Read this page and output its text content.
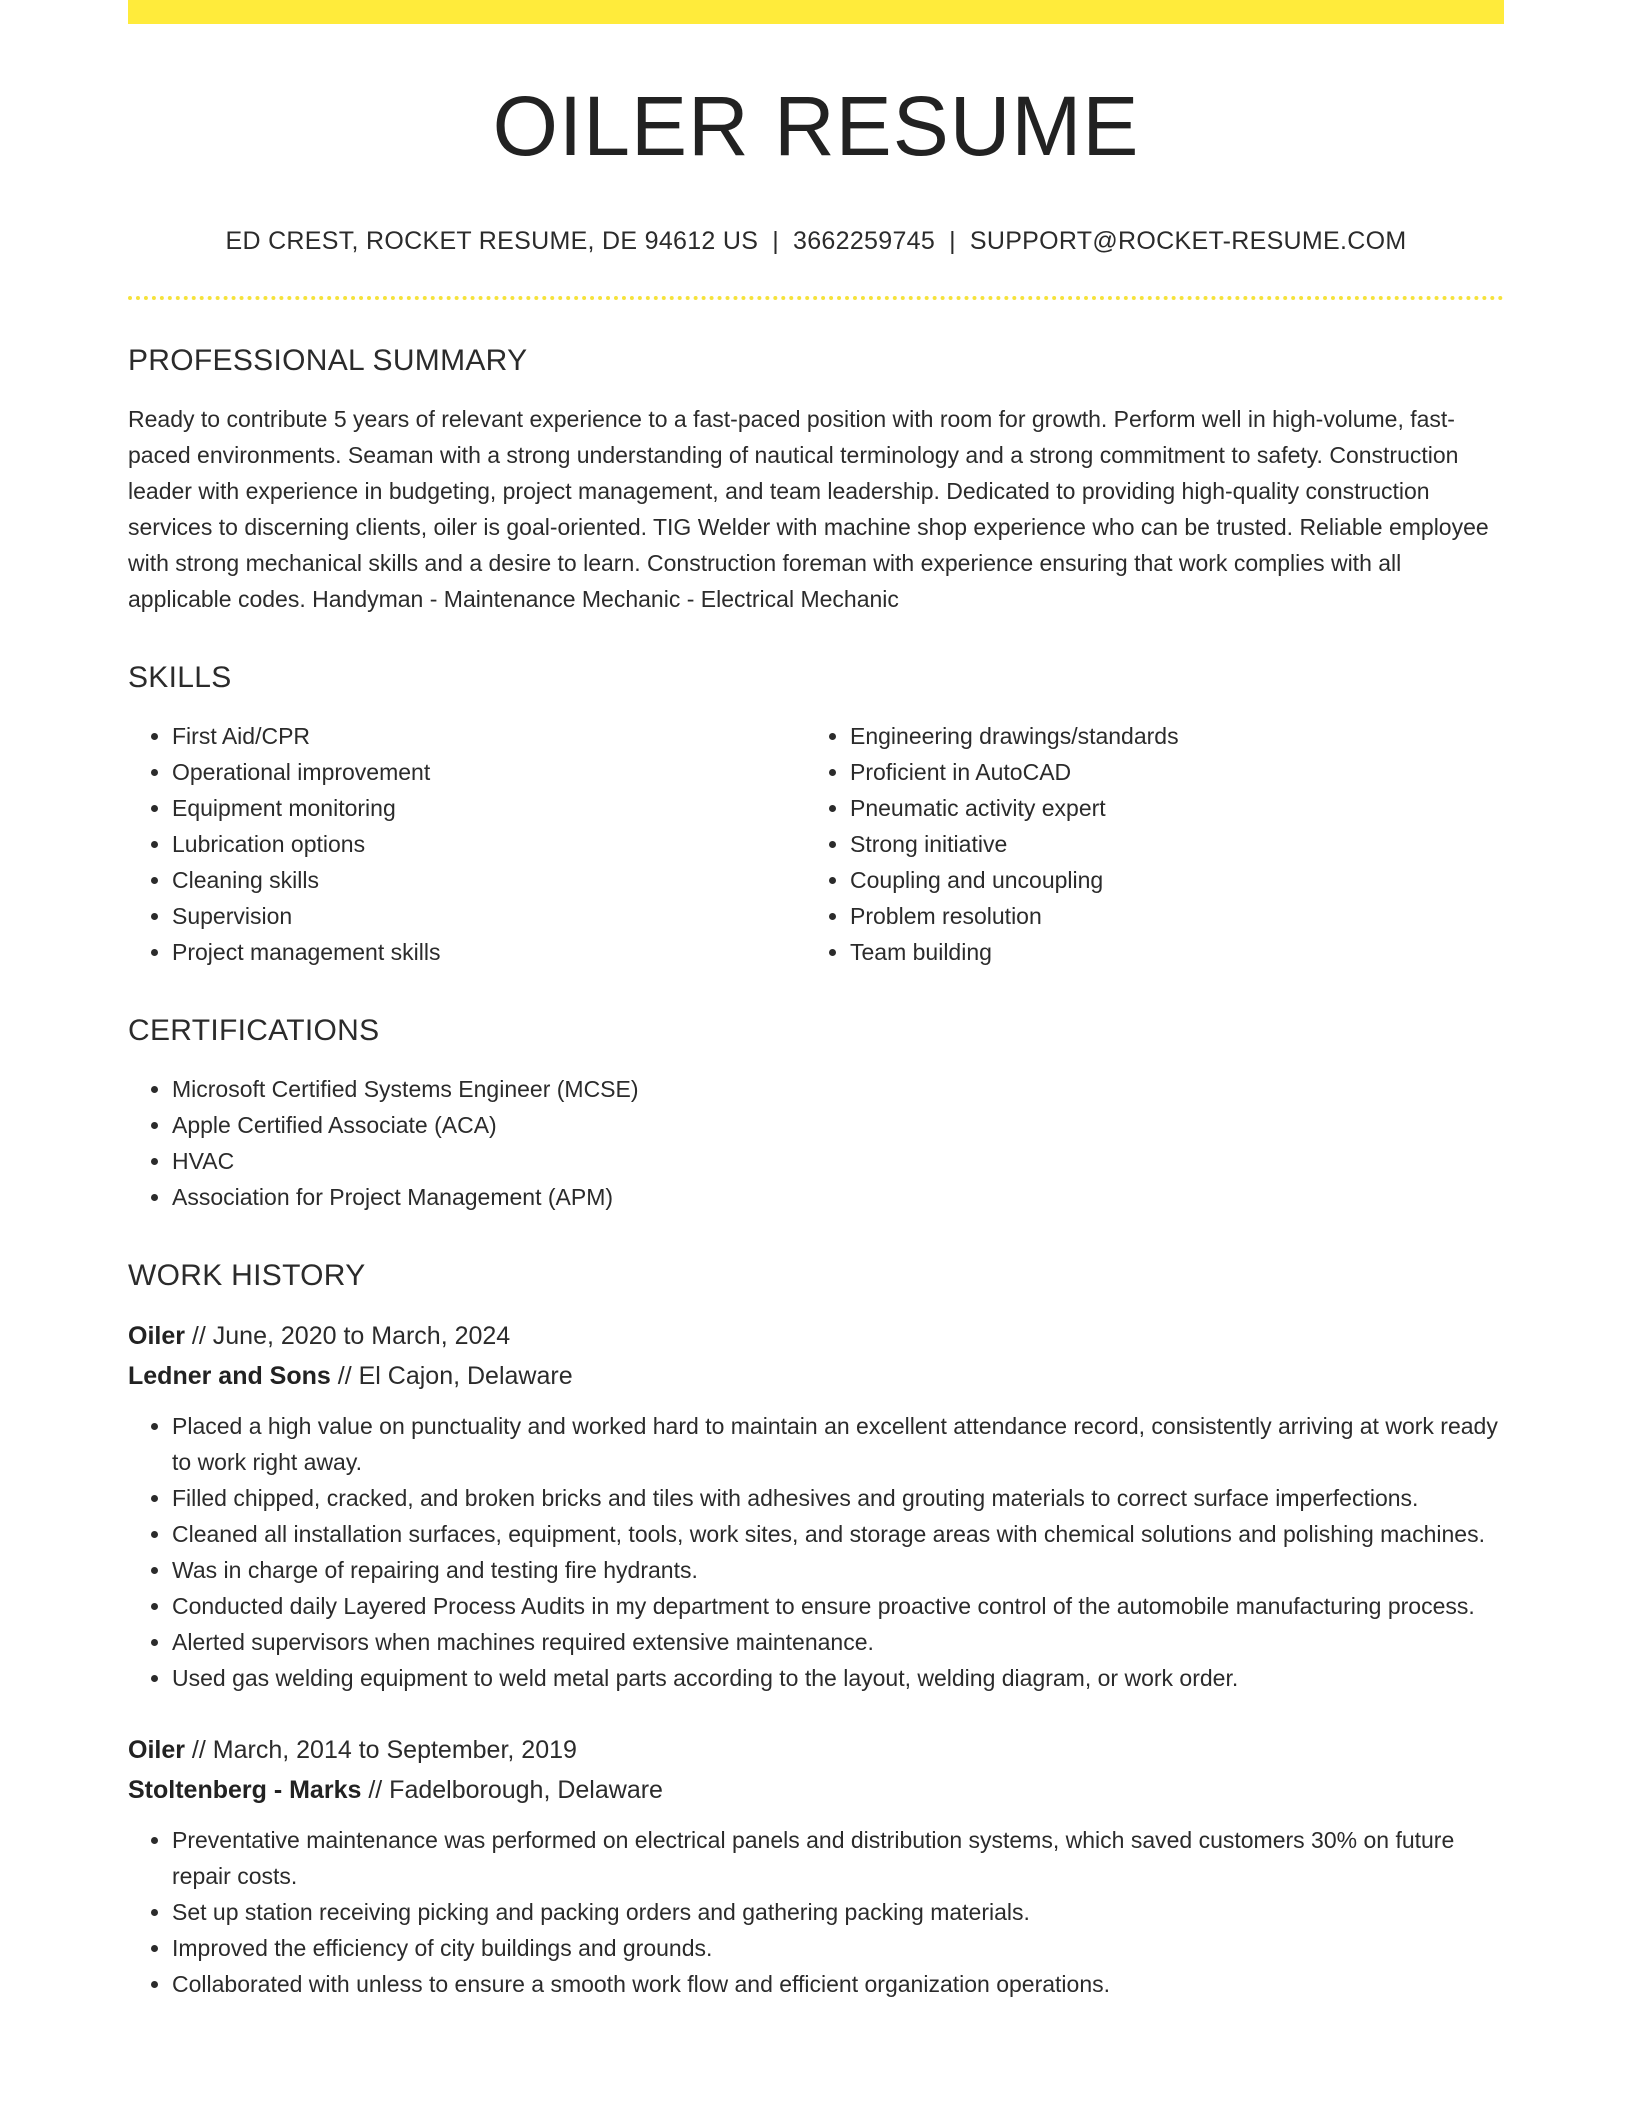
OILER RESUME
ED CREST, ROCKET RESUME, DE 94612 US | 3662259745 | SUPPORT@ROCKET-RESUME.COM
PROFESSIONAL SUMMARY

Ready to contribute 5 years of relevant experience to a fast-paced position with room for growth. Perform well in high-volume, fast-paced environments. Seaman with a strong understanding of nautical terminology and a strong commitment to safety. Construction leader with experience in budgeting, project management, and team leadership. Dedicated to providing high-quality construction services to discerning clients, oiler is goal-oriented. TIG Welder with machine shop experience who can be trusted. Reliable employee with strong mechanical skills and a desire to learn. Construction foreman with experience ensuring that work complies with all applicable codes. Handyman - Maintenance Mechanic - Electrical Mechanic

SKILLS
• First Aid/CPR
• Operational improvement
• Equipment monitoring
• Lubrication options
• Cleaning skills
• Supervision
• Project management skills
• Engineering drawings/standards
• Proficient in AutoCAD
• Pneumatic activity expert
• Strong initiative
• Coupling and uncoupling
• Problem resolution
• Team building
CERTIFICATIONS
• Microsoft Certified Systems Engineer (MCSE)
• Apple Certified Associate (ACA)
• HVAC
• Association for Project Management (APM)
WORK HISTORY
Oiler // June, 2020 to March, 2024
Ledner and Sons // El Cajon, Delaware
• Placed a high value on punctuality and worked hard to maintain an excellent attendance record, consistently arriving at work ready to work right away.
• Filled chipped, cracked, and broken bricks and tiles with adhesives and grouting materials to correct surface imperfections.
• Cleaned all installation surfaces, equipment, tools, work sites, and storage areas with chemical solutions and polishing machines.
• Was in charge of repairing and testing fire hydrants.
• Conducted daily Layered Process Audits in my department to ensure proactive control of the automobile manufacturing process.
• Alerted supervisors when machines required extensive maintenance.
• Used gas welding equipment to weld metal parts according to the layout, welding diagram, or work order.
Oiler // March, 2014 to September, 2019
Stoltenberg - Marks // Fadelborough, Delaware
• Preventative maintenance was performed on electrical panels and distribution systems, which saved customers 30% on future repair costs.
• Set up station receiving picking and packing orders and gathering packing materials.
• Improved the efficiency of city buildings and grounds.
• Collaborated with unless to ensure a smooth work flow and efficient organization operations.
